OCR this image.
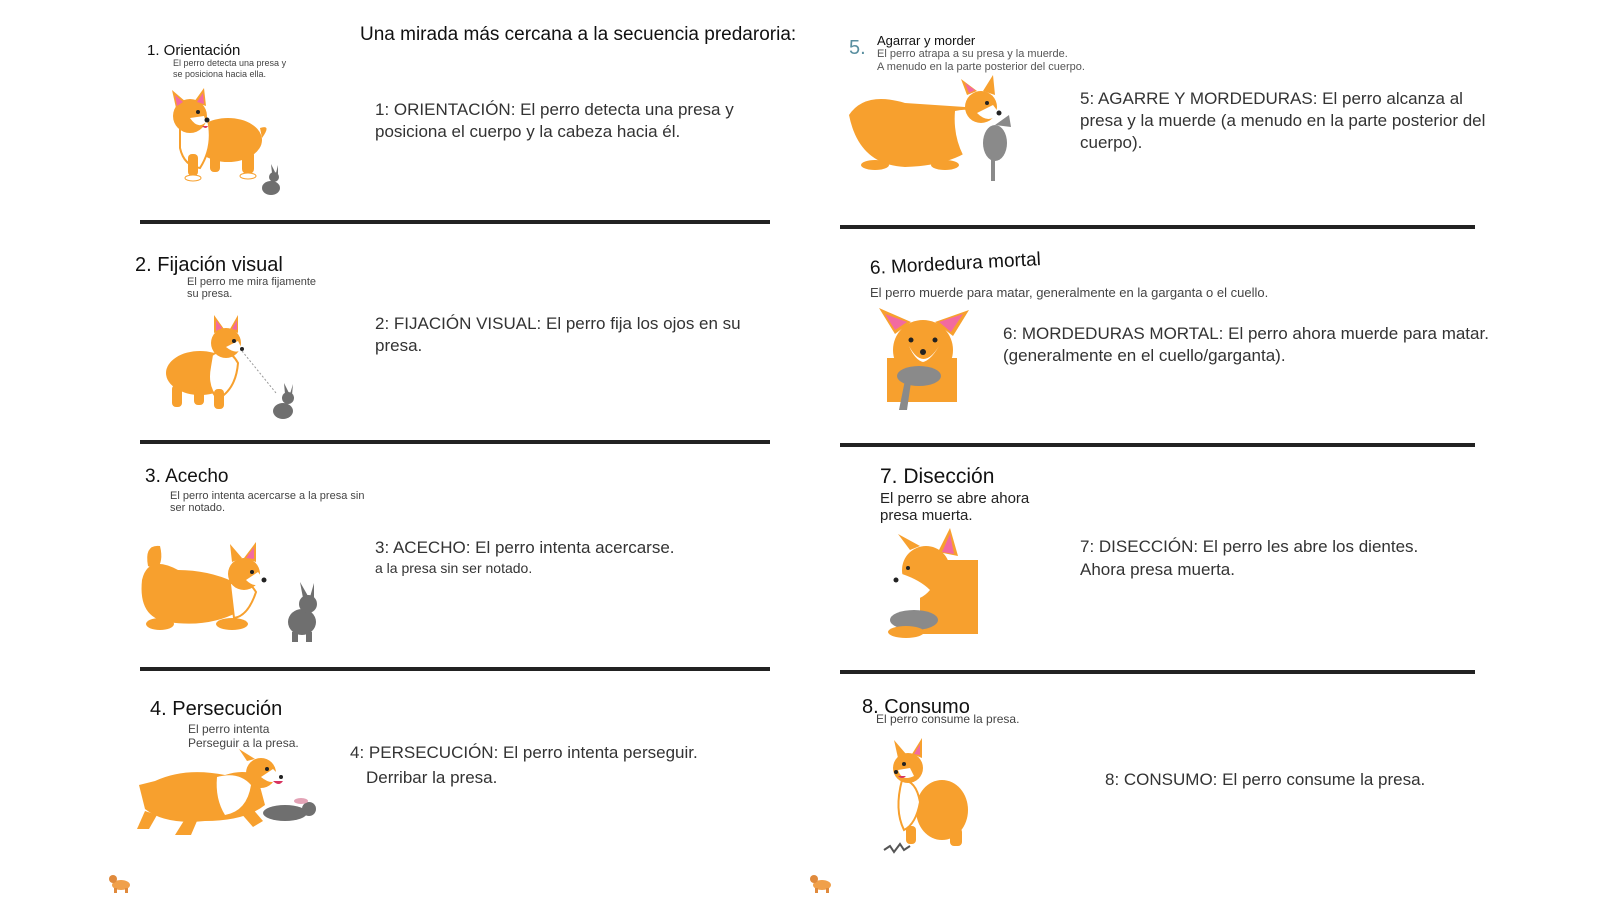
Una mirada más cercana a la secuencia predaroria:
1. Orientación
El perro detecta una presa y
se posiciona hacia ella.
1: ORIENTACIÓN: El perro detecta una presa y
posiciona el cuerpo y la cabeza hacia él.
2. Fijación visual
El perro me mira fijamente
su presa.
2: FIJACIÓN VISUAL: El perro fija los ojos en su
presa.
3. Acecho
El perro intenta acercarse a la presa sin
ser notado.
3: ACECHO: El perro intenta acercarse.
a la presa sin ser notado.
4. Persecución
El perro intenta
Perseguir a la presa.	4: PERSECUCIÓN: El perro intenta perseguir.
Derribar la presa.
5. Agarrar y morder
El perro atrapa a su presa y la muerde.
A menudo en la parte posterior del cuerpo.
5: AGARRE Y MORDEDURAS: El perro alcanza al
presa y la muerde (a menudo en la parte posterior del
cuerpo).
6. Mordedura mortal
El perro muerde para matar, generalmente en la garganta o el cuello.
6: MORDEDURAS MORTAL: El perro ahora muerde para matar.
(generalmente en el cuello/garganta).
7. Disección
El perro se abre ahora
presa muerta.
7: DISECCIÓN: El perro les abre los dientes.
Ahora presa muerta.
8. Consumo
El perro consume la presa.
8: CONSUMO: El perro consume la presa.
